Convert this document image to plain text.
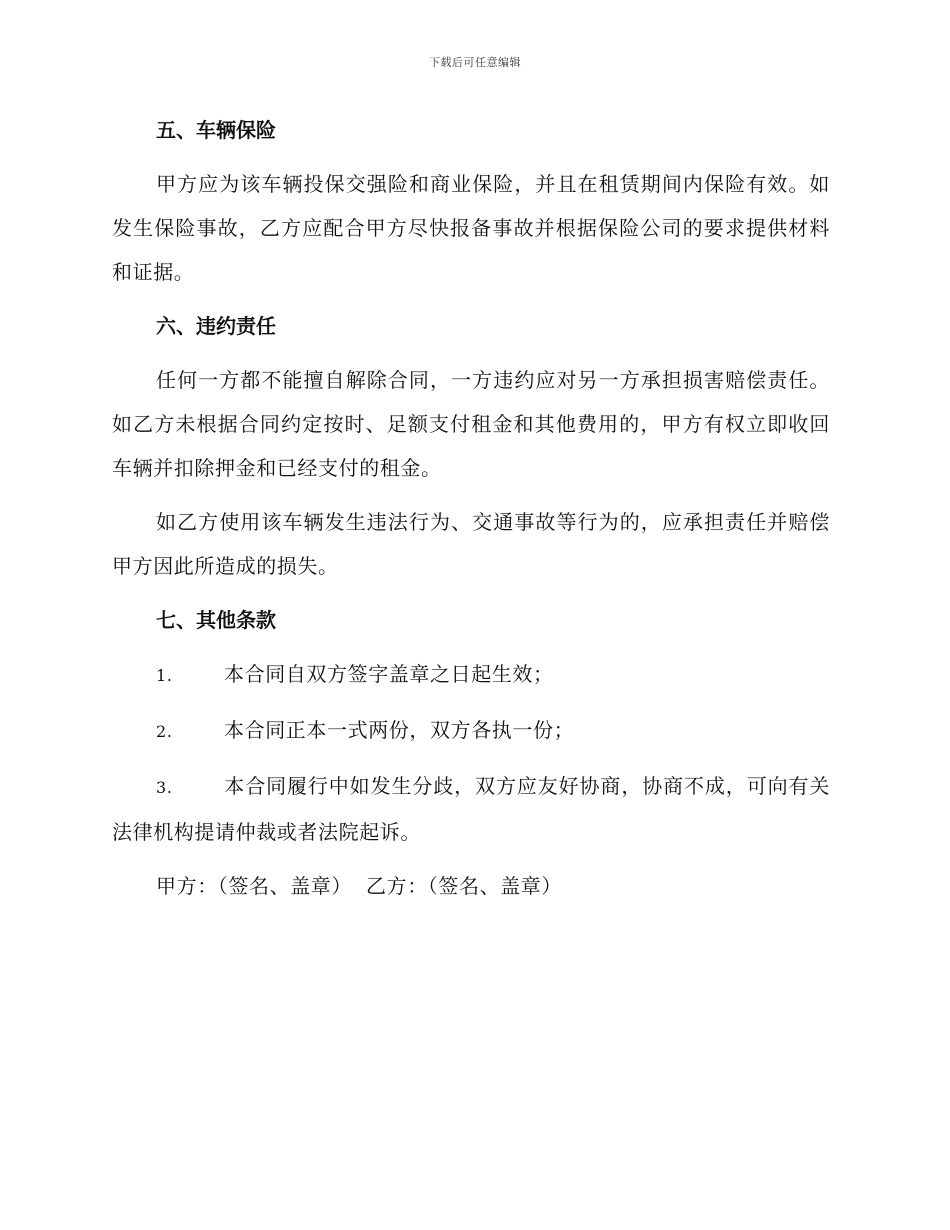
下载后可任意编辑
五、车辆保险

甲方应为该车辆投保交强险和商业保险，并且在租赁期间内保险有效。如发生保险事故，乙方应配合甲方尽快报备事故并根据保险公司的要求提供材料和证据。

六、违约责任

任何一方都不能擅自解除合同，一方违约应对另一方承担损害赔偿责任。如乙方未根据合同约定按时、足额支付租金和其他费用的，甲方有权立即收回车辆并扣除押金和已经支付的租金。

如乙方使用该车辆发生违法行为、交通事故等行为的，应承担责任并赔偿甲方因此所造成的损失。

七、其他条款

1.	本合同自双方签字盖章之日起生效；

2.	本合同正本一式两份，双方各执一份；

3.	本合同履行中如发生分歧，双方应友好协商，协商不成，可向有关法律机构提请仲裁或者法院起诉。

甲方：（签名、盖章） 乙方：（签名、盖章）
